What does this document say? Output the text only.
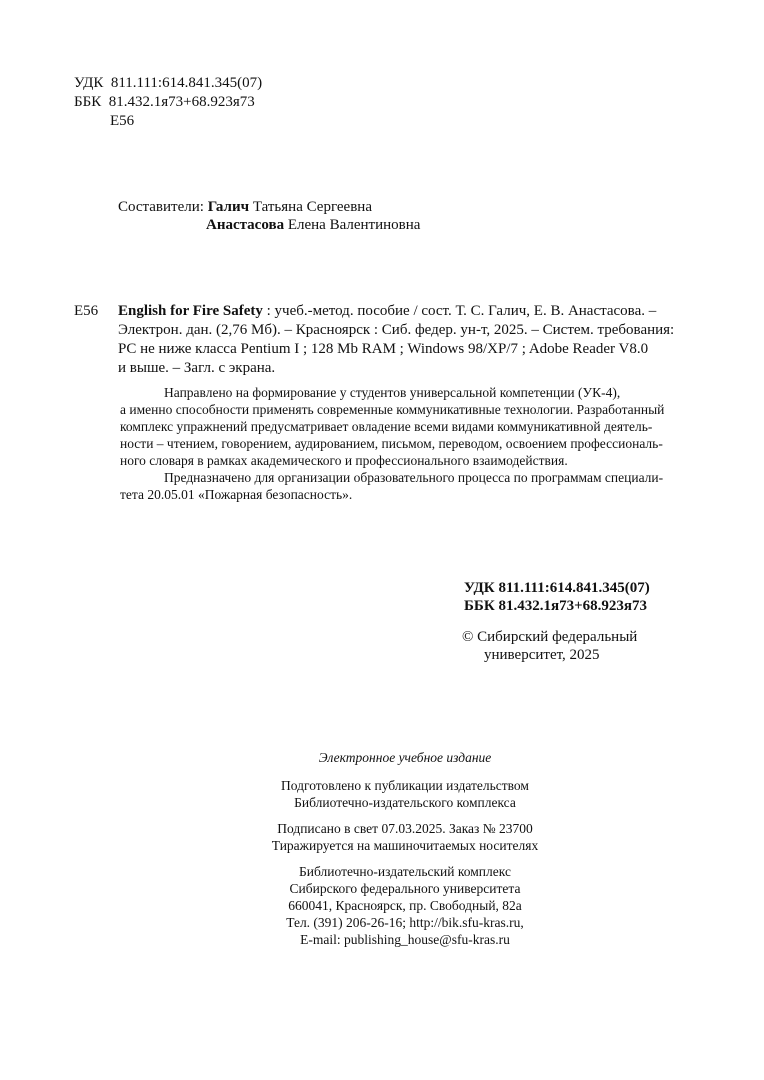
УДК 811.111:614.841.345(07)
ББК 81.432.1я73+68.923я73
Е56
Составители: Галич Татьяна Сергеевна
Анастасова Елена Валентиновна
Е56 English for Fire Safety : учеб.-метод. пособие / сост. Т. С. Галич, Е. В. Анастасова. –
Электрон. дан. (2,76 Мб). – Красноярск : Сиб. федер. ун-т, 2025. – Систем. требования:
PC не ниже класса Pentium I ; 128 Mb RAM ; Windows 98/XP/7 ; Adobe Reader V8.0
и выше. – Загл. с экрана.
Направлено на формирование у студентов универсальной компетенции (УК-4),
а именно способности применять современные коммуникативные технологии. Разработанный
комплекс упражнений предусматривает овладение всеми видами коммуникативной деятель-
ности – чтением, говорением, аудированием, письмом, переводом, освоением профессиональ-
ного словаря в рамках академического и профессионального взаимодействия.
Предназначено для организации образовательного процесса по программам специали-
тета 20.05.01 «Пожарная безопасность».
УДК 811.111:614.841.345(07)
ББК 81.432.1я73+68.923я73
© Сибирский федеральный
университет, 2025
Электронное учебное издание
Подготовлено к публикации издательством
Библиотечно-издательского комплекса
Подписано в свет 07.03.2025. Заказ № 23700
Тиражируется на машиночитаемых носителях
Библиотечно-издательский комплекс
Сибирского федерального университета
660041, Красноярск, пр. Свободный, 82а
Тел. (391) 206-26-16; http://bik.sfu-kras.ru,
E-mail: publishing_house@sfu-kras.ru
